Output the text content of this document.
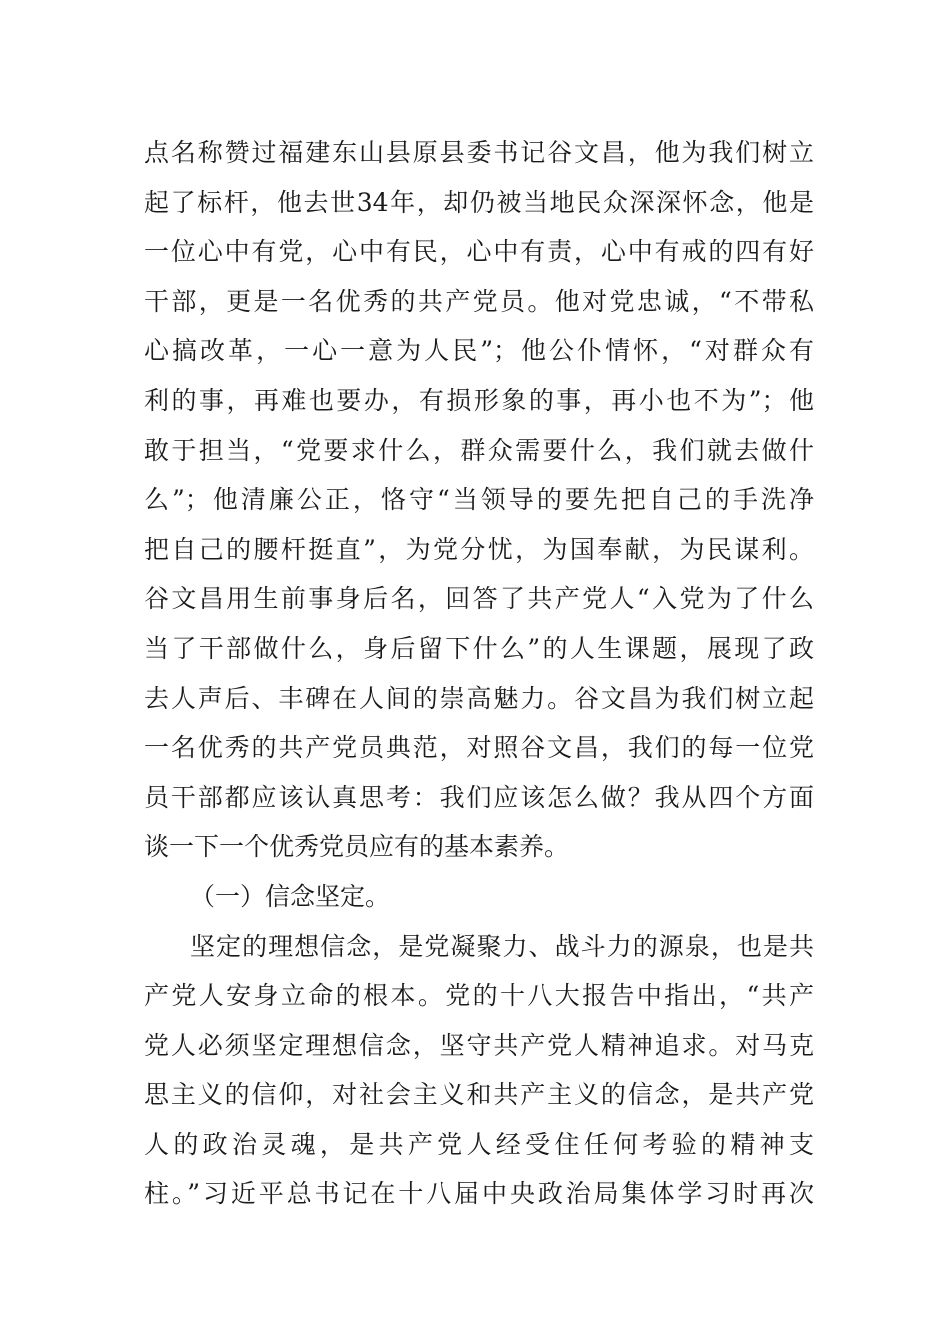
点名称赞过福建东山县原县委书记谷文昌，他为我们树立
起了标杆，他去世34年，却仍被当地民众深深怀念，他是
一位心中有党，心中有民，心中有责，心中有戒的四有好
干部，更是一名优秀的共产党员。他对党忠诚，“不带私
心搞改革，一心一意为人民”；他公仆情怀，“对群众有
利的事，再难也要办，有损形象的事，再小也不为”；他
敢于担当，“党要求什么，群众需要什么，我们就去做什
么”；他清廉公正，恪守“当领导的要先把自己的手洗净
把自己的腰杆挺直”，为党分忧，为国奉献，为民谋利。
谷文昌用生前事身后名，回答了共产党人“入党为了什么
当了干部做什么，身后留下什么”的人生课题，展现了政
去人声后、丰碑在人间的崇高魅力。谷文昌为我们树立起
一名优秀的共产党员典范，对照谷文昌，我们的每一位党
员干部都应该认真思考：我们应该怎么做？我从四个方面
谈一下一个优秀党员应有的基本素养。
（一）信念坚定。
坚定的理想信念，是党凝聚力、战斗力的源泉，也是共
产党人安身立命的根本。党的十八大报告中指出，“共产
党人必须坚定理想信念，坚守共产党人精神追求。对马克
思主义的信仰，对社会主义和共产主义的信念，是共产党
人的政治灵魂，是共产党人经受住任何考验的精神支
柱。”习近平总书记在十八届中央政治局集体学习时再次
